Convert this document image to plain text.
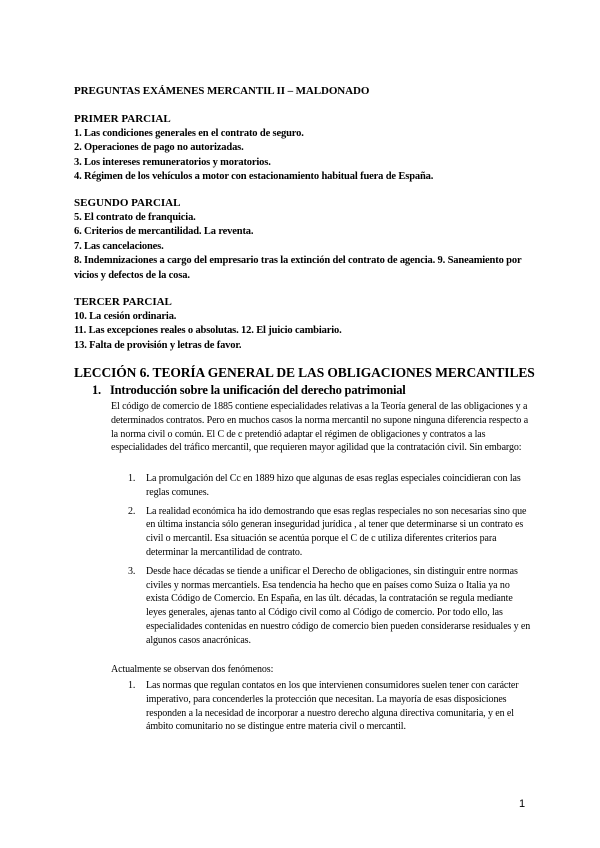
PREGUNTAS EXÁMENES MERCANTIL II – MALDONADO
PRIMER PARCIAL
1. Las condiciones generales en el contrato de seguro.
2. Operaciones de pago no autorizadas.
3. Los intereses remuneratorios y moratorios.
4. Régimen de los vehículos a motor con estacionamiento habitual fuera de España.
SEGUNDO PARCIAL
5. El contrato de franquicia.
6. Criterios de mercantilidad. La reventa.
7. Las cancelaciones.
8. Indemnizaciones a cargo del empresario tras la extinción del contrato de agencia. 9. Saneamiento por vicios y defectos de la cosa.
TERCER PARCIAL
10. La cesión ordinaria.
11. Las excepciones reales o absolutas. 12. El juicio cambiario.
13. Falta de provisión y letras de favor.
LECCIÓN 6. TEORÍA GENERAL DE LAS OBLIGACIONES MERCANTILES
1. Introducción sobre la unificación del derecho patrimonial
El código de comercio de 1885 contiene especialidades relativas a la Teoría general de las obligaciones y a determinados contratos. Pero en muchos casos la norma mercantil no supone ninguna diferencia respecto a la norma civil o común. El C de c pretendió adaptar el régimen de obligaciones y contratos a las especialidades del tráfico mercantil, que requieren mayor agilidad que la contratación civil. Sin embargo:
1. La promulgación del Cc en 1889 hizo que algunas de esas reglas especiales coincidieran con las reglas comunes.
2. La realidad económica ha ido demostrando que esas reglas respeciales no son necesarias sino que en última instancia sólo generan inseguridad jurídica , al tener que determinarse si un contrato es civil o mercantil. Esa situación se acentúa porque el C de c utiliza diferentes criterios para determinar la mercantilidad de contrato.
3. Desde hace décadas se tiende a unificar el Derecho de obligaciones, sin distinguir entre normas civiles y normas mercantiels. Esa tendencia ha hecho que en países como Suiza o Italia ya no exista Código de Comercio. En España, en las últ. décadas, la contratación se regula mediante leyes generales, ajenas tanto al Código civil como al Código de comercio. Por todo ello, las especialidades contenidas en nuestro código de comercio bien pueden considerarse residuales y en algunos casos anacrónicas.
Actualmente se observan dos fenómenos:
1. Las normas que regulan contatos en los que intervienen consumidores suelen tener con carácter imperativo, para concenderles la protección que necesitan. La mayoría de esas disposiciones responden a la necesidad de incorporar a nuestro derecho alguna directiva comunitaria, y en el ámbito comunitario no se distingue entre materia civil o mercantil.
1
